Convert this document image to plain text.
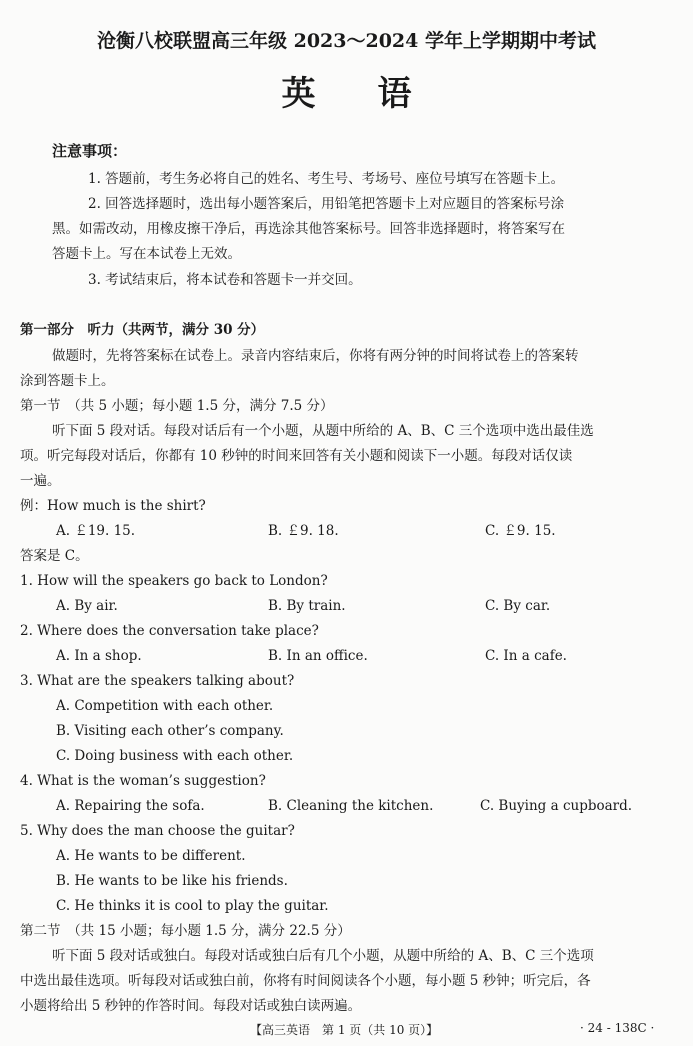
沧衡八校联盟高三年级 2023～2024 学年上学期期中考试
英语
注意事项：
1. 答题前，考生务必将自己的姓名、考生号、考场号、座位号填写在答题卡上。
2. 回答选择题时，选出每小题答案后，用铅笔把答题卡上对应题目的答案标号涂
黑。如需改动，用橡皮擦干净后，再选涂其他答案标号。回答非选择题时，将答案写在
答题卡上。写在本试卷上无效。
3. 考试结束后，将本试卷和答题卡一并交回。
第一部分　听力（共两节，满分 30 分）
做题时，先将答案标在试卷上。录音内容结束后，你将有两分钟的时间将试卷上的答案转
涂到答题卡上。
第一节　（共 5 小题；每小题 1.5 分，满分 7.5 分）
听下面 5 段对话。每段对话后有一个小题，从题中所给的 A、B、C 三个选项中选出最佳选
项。听完每段对话后，你都有 10 秒钟的时间来回答有关小题和阅读下一小题。每段对话仅读
一遍。
例：How much is the shirt?
A. ￡19. 15.	B. ￡9. 18.	C. ￡9. 15.
答案是 C。
1. How will the speakers go back to London?
A. By air.	B. By train.	C. By car.
2. Where does the conversation take place?
A. In a shop.	B. In an office.	C. In a cafe.
3. What are the speakers talking about?
A. Competition with each other.
B. Visiting each other’s company.
C. Doing business with each other.
4. What is the woman’s suggestion?
A. Repairing the sofa.	B. Cleaning the kitchen.	C. Buying a cupboard.
5. Why does the man choose the guitar?
A. He wants to be different.
B. He wants to be like his friends.
C. He thinks it is cool to play the guitar.
第二节　（共 15 小题；每小题 1.5 分，满分 22.5 分）
听下面 5 段对话或独白。每段对话或独白后有几个小题，从题中所给的 A、B、C 三个选项
中选出最佳选项。听每段对话或独白前，你将有时间阅读各个小题，每小题 5 秒钟；听完后，各
小题将给出 5 秒钟的作答时间。每段对话或独白读两遍。
【高三英语　第 1 页（共 10 页）】	· 24 - 138C ·
